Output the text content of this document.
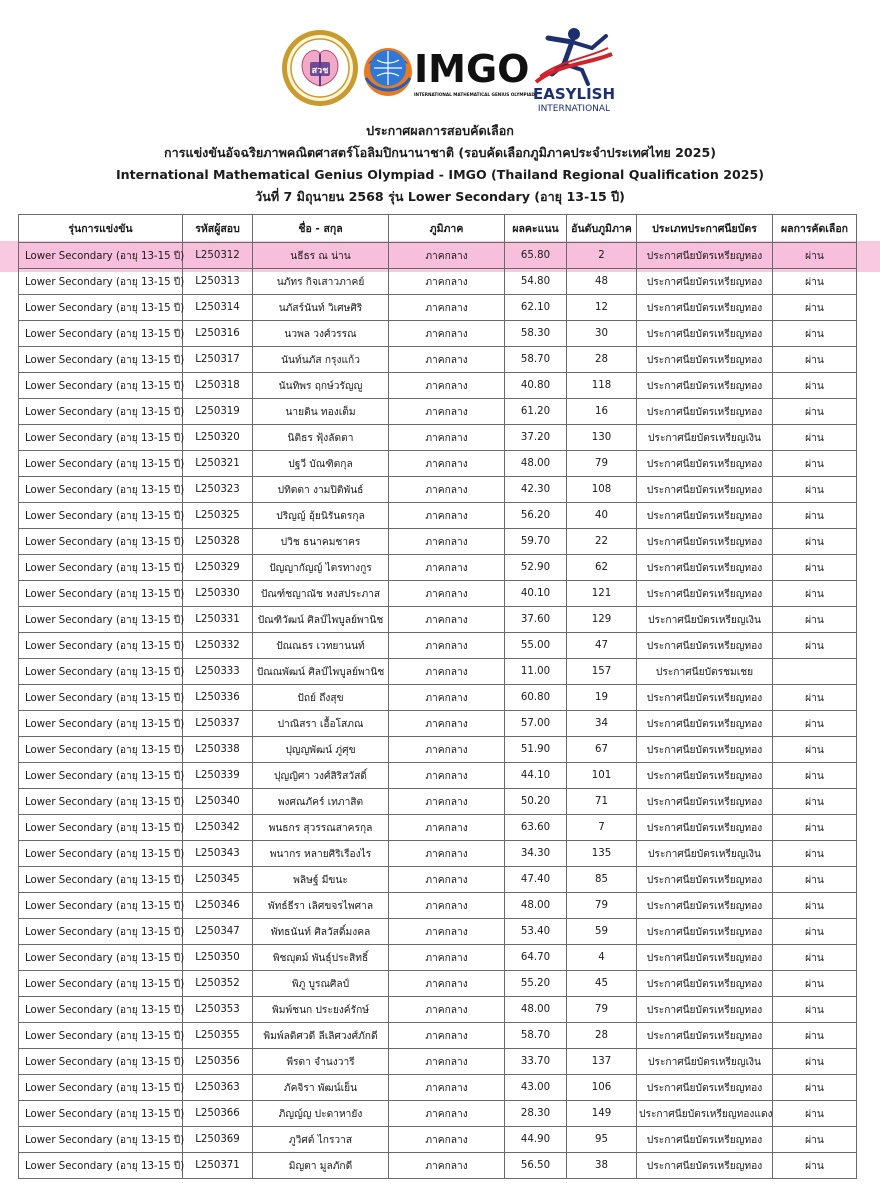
สวช IMGO
INTERNATIONAL MATHEMATICAL GENIUS OLYMPIAD
EASYLISH
INTERNATIONAL
ประกาศผลการสอบคัดเลือก
การแข่งขันอัจฉริยภาพคณิตศาสตร์โอลิมปิกนานาชาติ (รอบคัดเลือกภูมิภาคประจำประเทศไทย 2025)
International Mathematical Genius Olympiad - IMGO (Thailand Regional Qualification 2025)
วันที่ 7 มิถุนายน 2568 รุ่น Lower Secondary (อายุ 13-15 ปี)
รุ่นการแข่งขัน	รหัสผู้สอบ	ชื่อ - สกุล	ภูมิภาค	ผลคะแนน	อันดับภูมิภาค	ประเภทประกาศนียบัตร	ผลการคัดเลือก
Lower Secondary (อายุ 13-15 ปี)	L250312	นธีธร ณ น่าน	ภาคกลาง	65.80	2	ประกาศนียบัตรเหรียญทอง	ผ่าน
Lower Secondary (อายุ 13-15 ปี)	L250313	นภัทร กิจเสาวภาคย์	ภาคกลาง	54.80	48	ประกาศนียบัตรเหรียญทอง	ผ่าน
Lower Secondary (อายุ 13-15 ปี)	L250314	นภัสร์นันท์ วิเศษศิริ	ภาคกลาง	62.10	12	ประกาศนียบัตรเหรียญทอง	ผ่าน
Lower Secondary (อายุ 13-15 ปี)	L250316	นวพล วงศ์วรรณ	ภาคกลาง	58.30	30	ประกาศนียบัตรเหรียญทอง	ผ่าน
Lower Secondary (อายุ 13-15 ปี)	L250317	นันท์นภัส กรุงแก้ว	ภาคกลาง	58.70	28	ประกาศนียบัตรเหรียญทอง	ผ่าน
Lower Secondary (อายุ 13-15 ปี)	L250318	นันทิพร ฤกษ์วรัญญู	ภาคกลาง	40.80	118	ประกาศนียบัตรเหรียญทอง	ผ่าน
Lower Secondary (อายุ 13-15 ปี)	L250319	นายดิน ทองเต็ม	ภาคกลาง	61.20	16	ประกาศนียบัตรเหรียญทอง	ผ่าน
Lower Secondary (อายุ 13-15 ปี)	L250320	นิติธร ฟุ้งลัดดา	ภาคกลาง	37.20	130	ประกาศนียบัตรเหรียญเงิน	ผ่าน
Lower Secondary (อายุ 13-15 ปี)	L250321	ปฐวี บัณฑิตกุล	ภาคกลาง	48.00	79	ประกาศนียบัตรเหรียญทอง	ผ่าน
Lower Secondary (อายุ 13-15 ปี)	L250323	ปทิตตา งามปิติพันธ์	ภาคกลาง	42.30	108	ประกาศนียบัตรเหรียญทอง	ผ่าน
Lower Secondary (อายุ 13-15 ปี)	L250325	ปริญญ์ อุ้ยนิรันดรกุล	ภาคกลาง	56.20	40	ประกาศนียบัตรเหรียญทอง	ผ่าน
Lower Secondary (อายุ 13-15 ปี)	L250328	ปวิช ธนาคมชาคร	ภาคกลาง	59.70	22	ประกาศนียบัตรเหรียญทอง	ผ่าน
Lower Secondary (อายุ 13-15 ปี)	L250329	ปัญญากัญญ์ ไตรทางกูร	ภาคกลาง	52.90	62	ประกาศนียบัตรเหรียญทอง	ผ่าน
Lower Secondary (อายุ 13-15 ปี)	L250330	ปัณฑ์ชญาณัช หงสประภาส	ภาคกลาง	40.10	121	ประกาศนียบัตรเหรียญทอง	ผ่าน
Lower Secondary (อายุ 13-15 ปี)	L250331	ปัณฑิวัฒน์ ศิลป์ไพบูลย์พานิช	ภาคกลาง	37.60	129	ประกาศนียบัตรเหรียญเงิน	ผ่าน
Lower Secondary (อายุ 13-15 ปี)	L250332	ปัณณธร เวทยานนท์	ภาคกลาง	55.00	47	ประกาศนียบัตรเหรียญทอง	ผ่าน
Lower Secondary (อายุ 13-15 ปี)	L250333	ปัณณพัฒน์ ศิลป์ไพบูลย์พานิช	ภาคกลาง	11.00	157	ประกาศนียบัตรชมเชย	
Lower Secondary (อายุ 13-15 ปี)	L250336	ปัถย์ ถึงสุข	ภาคกลาง	60.80	19	ประกาศนียบัตรเหรียญทอง	ผ่าน
Lower Secondary (อายุ 13-15 ปี)	L250337	ปาณิสรา เอื้อโสภณ	ภาคกลาง	57.00	34	ประกาศนียบัตรเหรียญทอง	ผ่าน
Lower Secondary (อายุ 13-15 ปี)	L250338	ปุญญพัฒน์ ภู่ศุข	ภาคกลาง	51.90	67	ประกาศนียบัตรเหรียญทอง	ผ่าน
Lower Secondary (อายุ 13-15 ปี)	L250339	ปุญญิศา วงศ์สิริสวัสดิ์	ภาคกลาง	44.10	101	ประกาศนียบัตรเหรียญทอง	ผ่าน
Lower Secondary (อายุ 13-15 ปี)	L250340	พงศณภัคร์ เทภาสิต	ภาคกลาง	50.20	71	ประกาศนียบัตรเหรียญทอง	ผ่าน
Lower Secondary (อายุ 13-15 ปี)	L250342	พนธกร สุวรรณสาครกุล	ภาคกลาง	63.60	7	ประกาศนียบัตรเหรียญทอง	ผ่าน
Lower Secondary (อายุ 13-15 ปี)	L250343	พนากร หลายศิริเรืองไร	ภาคกลาง	34.30	135	ประกาศนียบัตรเหรียญเงิน	ผ่าน
Lower Secondary (อายุ 13-15 ปี)	L250345	พลิษฐ์ มีขนะ	ภาคกลาง	47.40	85	ประกาศนียบัตรเหรียญทอง	ผ่าน
Lower Secondary (อายุ 13-15 ปี)	L250346	พัทธ์ธีรา เลิศขจรไพศาล	ภาคกลาง	48.00	79	ประกาศนียบัตรเหรียญทอง	ผ่าน
Lower Secondary (อายุ 13-15 ปี)	L250347	พัทธนันท์ ศิลวัสดิ์มงคล	ภาคกลาง	53.40	59	ประกาศนียบัตรเหรียญทอง	ผ่าน
Lower Secondary (อายุ 13-15 ปี)	L250350	พิชญุตม์ พันธุ์ประสิทธิ์	ภาคกลาง	64.70	4	ประกาศนียบัตรเหรียญทอง	ผ่าน
Lower Secondary (อายุ 13-15 ปี)	L250352	พิภู บูรณศิลป์	ภาคกลาง	55.20	45	ประกาศนียบัตรเหรียญทอง	ผ่าน
Lower Secondary (อายุ 13-15 ปี)	L250353	พิมพ์ชนก ประยงค์รักษ์	ภาคกลาง	48.00	79	ประกาศนียบัตรเหรียญทอง	ผ่าน
Lower Secondary (อายุ 13-15 ปี)	L250355	พิมพ์ลดิศวดี ลีเลิศวงศ์ภักดี	ภาคกลาง	58.70	28	ประกาศนียบัตรเหรียญทอง	ผ่าน
Lower Secondary (อายุ 13-15 ปี)	L250356	พีรดา จำนงวารี	ภาคกลาง	33.70	137	ประกาศนียบัตรเหรียญเงิน	ผ่าน
Lower Secondary (อายุ 13-15 ปี)	L250363	ภัคจิรา พัฒน์เย็น	ภาคกลาง	43.00	106	ประกาศนียบัตรเหรียญทอง	ผ่าน
Lower Secondary (อายุ 13-15 ปี)	L250366	ภิญญ์ญ ปะดาหายัง	ภาคกลาง	28.30	149	ประกาศนียบัตรเหรียญทองแดง	ผ่าน
Lower Secondary (อายุ 13-15 ปี)	L250369	ภูวิศต์ ไกรวาส	ภาคกลาง	44.90	95	ประกาศนียบัตรเหรียญทอง	ผ่าน
Lower Secondary (อายุ 13-15 ปี)	L250371	มิญตา มูลภักดี	ภาคกลาง	56.50	38	ประกาศนียบัตรเหรียญทอง	ผ่าน
